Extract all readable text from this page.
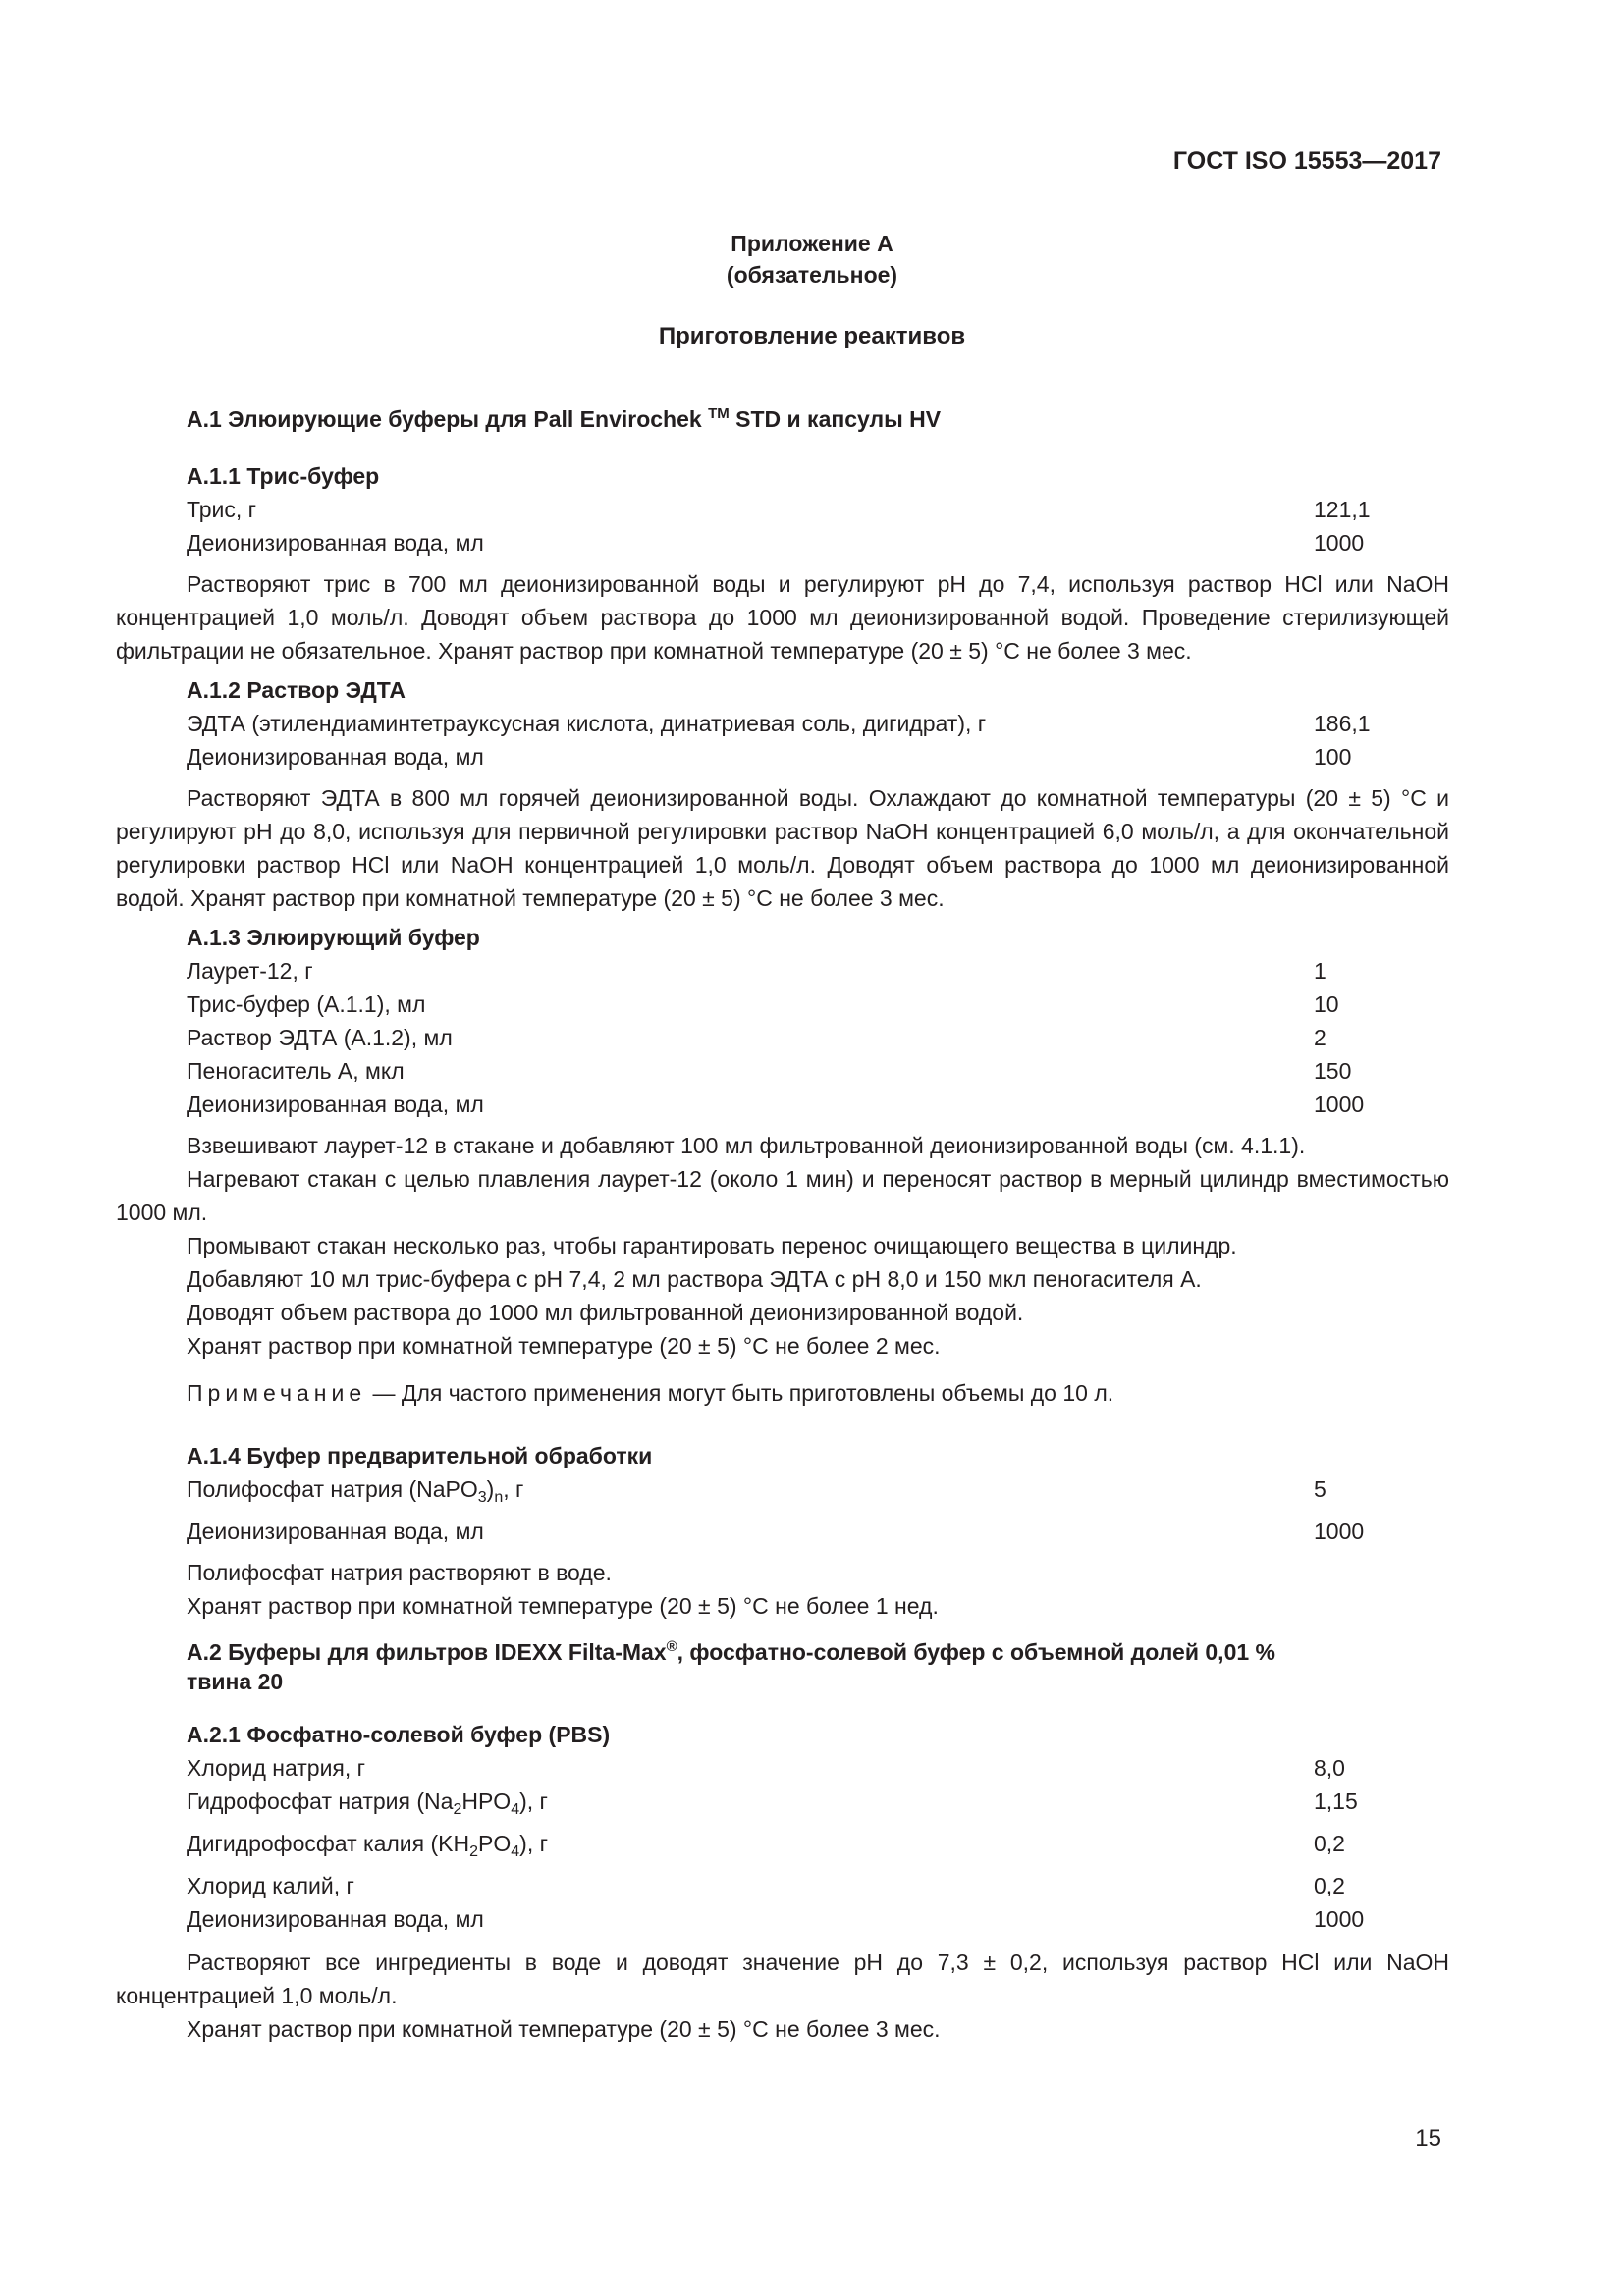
ГОСТ ISO 15553—2017
Приложение А
(обязательное)
Приготовление реактивов
А.1 Элюирующие буферы для Pall Envirochek ™ STD и капсулы HV
А.1.1 Трис-буфер
Трис, г	121,1
Деионизированная вода, мл	1000

Растворяют трис в 700 мл деионизированной воды и регулируют pH до 7,4, используя раствор HCl или NaOH концентрацией 1,0 моль/л. Доводят объем раствора до 1000 мл деионизированной водой. Проведение стерилизующей фильтрации не обязательное. Хранят раствор при комнатной температуре (20 ± 5) °С не более 3 мес.

А.1.2 Раствор ЭДТА
ЭДТА (этилендиаминтетрауксусная кислота, динатриевая соль, дигидрат), г	186,1
Деионизированная вода, мл	100

Растворяют ЭДТА в 800 мл горячей деионизированной воды. Охлаждают до комнатной температуры (20 ± 5) °С и регулируют pH до 8,0, используя для первичной регулировки раствор NaOH концентрацией 6,0 моль/л, а для окончательной регулировки раствор HCl или NaOH концентрацией 1,0 моль/л. Доводят объем раствора до 1000 мл деионизированной водой. Хранят раствор при комнатной температуре (20 ± 5) °С не более 3 мес.

А.1.3 Элюирующий буфер
Лаурет-12, г	1
Трис-буфер (А.1.1), мл	10
Раствор ЭДТА (А.1.2), мл	2
Пеногаситель А, мкл	150
Деионизированная вода, мл	1000

Взвешивают лаурет-12 в стакане и добавляют 100 мл фильтрованной деионизированной воды (см. 4.1.1).

Нагревают стакан с целью плавления лаурет-12 (около 1 мин) и переносят раствор в мерный цилиндр вместимостью 1000 мл.

Промывают стакан несколько раз, чтобы гарантировать перенос очищающего вещества в цилиндр.
Добавляют 10 мл трис-буфера с pH 7,4, 2 мл раствора ЭДТА с pH 8,0 и 150 мкл пеногасителя А.
Доводят объем раствора до 1000 мл фильтрованной деионизированной водой.
Хранят раствор при комнатной температуре (20 ± 5) °С не более 2 мес.
Примечание — Для частого применения могут быть приготовлены объемы до 10 л.
А.1.4 Буфер предварительной обработки
Полифосфат натрия $(NaPO_3)_n$, г	5
Деионизированная вода, мл	1000
Полифосфат натрия растворяют в воде.
Хранят раствор при комнатной температуре (20 ± 5) °С не более 1 нед.
А.2 Буферы для фильтров IDEXX Filta-Max®, фосфатно-солевой буфер с объемной долей 0,01 %
твина 20
А.2.1 Фосфатно-солевой буфер (PBS)
Хлорид натрия, г	8,0
Гидрофосфат натрия $(Na_2HPO_4)$, г	1,15
Дигидрофосфат калия $(KH_2PO_4)$, г	0,2
Хлорид калий, г	0,2
Деионизированная вода, мл	1000

Растворяют все ингредиенты в воде и доводят значение pH до 7,3 ± 0,2, используя раствор HCl или NaOH концентрацией 1,0 моль/л.

Хранят раствор при комнатной температуре (20 ± 5) °С не более 3 мес.
15
